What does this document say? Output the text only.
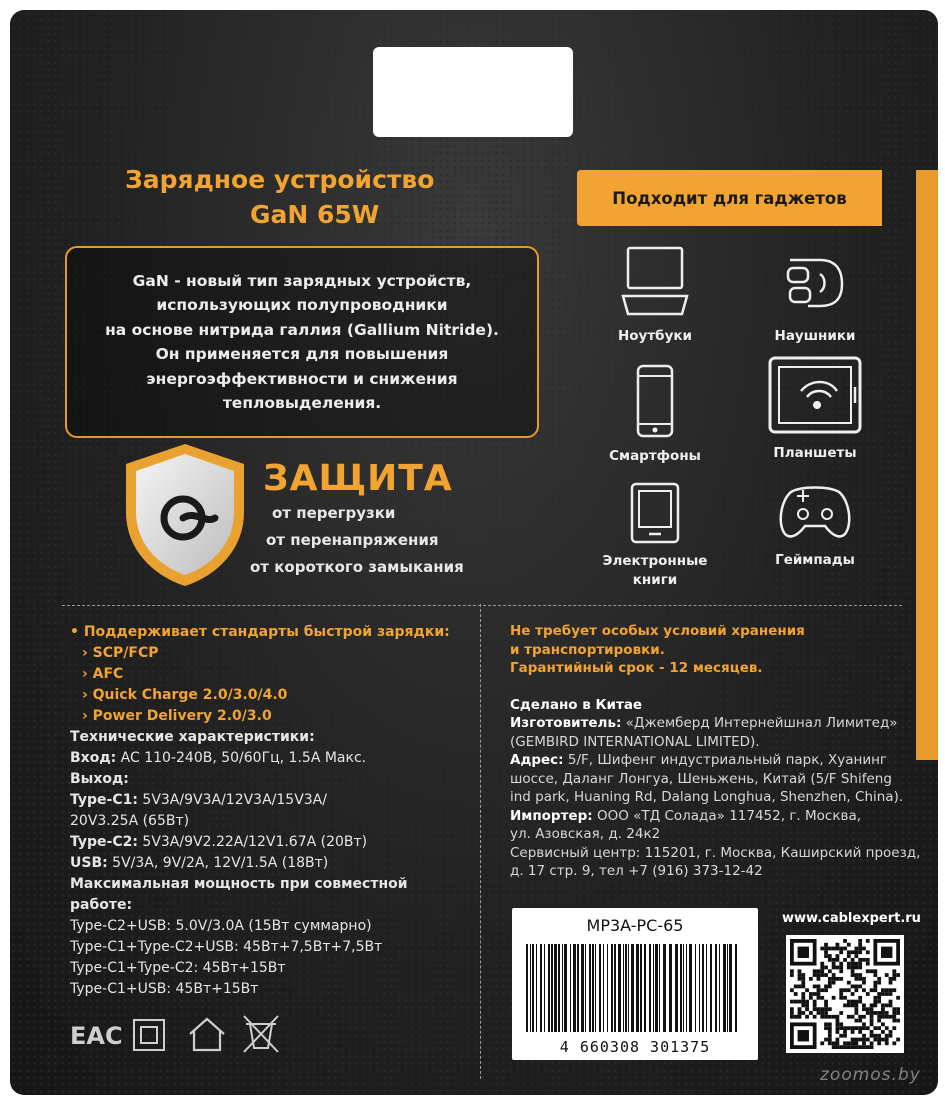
Зарядное устройство
GaN 65W
GaN - новый тип зарядных устройств,
использующих полупроводники
на основе нитрида галлия (Gallium Nitride).
Он применяется для повышения
энергоэффективности и снижения
тепловыделения.
G
ЗАЩИТА
от перегрузки
от перенапряжения
от короткого замыкания
Подходит для гаджетов
Ноутбуки	Наушники
Смартфоны	Планшеты
Электронные книги
Геймпады
• Поддерживает стандарты быстрой зарядки:
› SCP/FCP
› AFC
› Quick Charge 2.0/3.0/4.0
› Power Delivery 2.0/3.0
Технические характеристики:
Вход: AC 110-240В, 50/60Гц, 1.5А Макс.
Выход:
Type-C1: 5V3A/9V3A/12V3A/15V3A/
20V3.25A (65Вт)
Type-C2: 5V3A/9V2.22A/12V1.67A (20Вт)
USB: 5V/3A, 9V/2A, 12V/1.5A (18Вт)
Максимальная мощность при совместной
работе:
Type-C2+USB: 5.0V/3.0A (15Вт суммарно)
Type-C1+Type-C2+USB: 45Вт+7,5Вт+7,5Вт
Type-C1+Type-C2: 45Вт+15Вт
Type-C1+USB: 45Вт+15Вт
Не требует особых условий хранения
и транспортировки.
Гарантийный срок - 12 месяцев.
Сделано в Китае
Изготовитель: «Джемберд Интернейшнал Лимитед»
(GEMBIRD INTERNATIONAL LIMITED).
Адрес: 5/F, Шифенг индустриальный парк, Хуанинг
шоссе, Даланг Лонгуа, Шеньжень, Китай (5/F Shifeng
ind park, Huaning Rd, Dalang Longhua, Shenzhen, China).
Импортер: ООО «ТД Солада» 117452, г. Москва,
ул. Азовская, д. 24к2
Сервисный центр: 115201, г. Москва, Каширский проезд,
д. 17 стр. 9, тел +7 (916) 373-12-42
www.cablexpert.ru
MP3A-PC-65
4 660308 301375
EAC
zoomos.by
